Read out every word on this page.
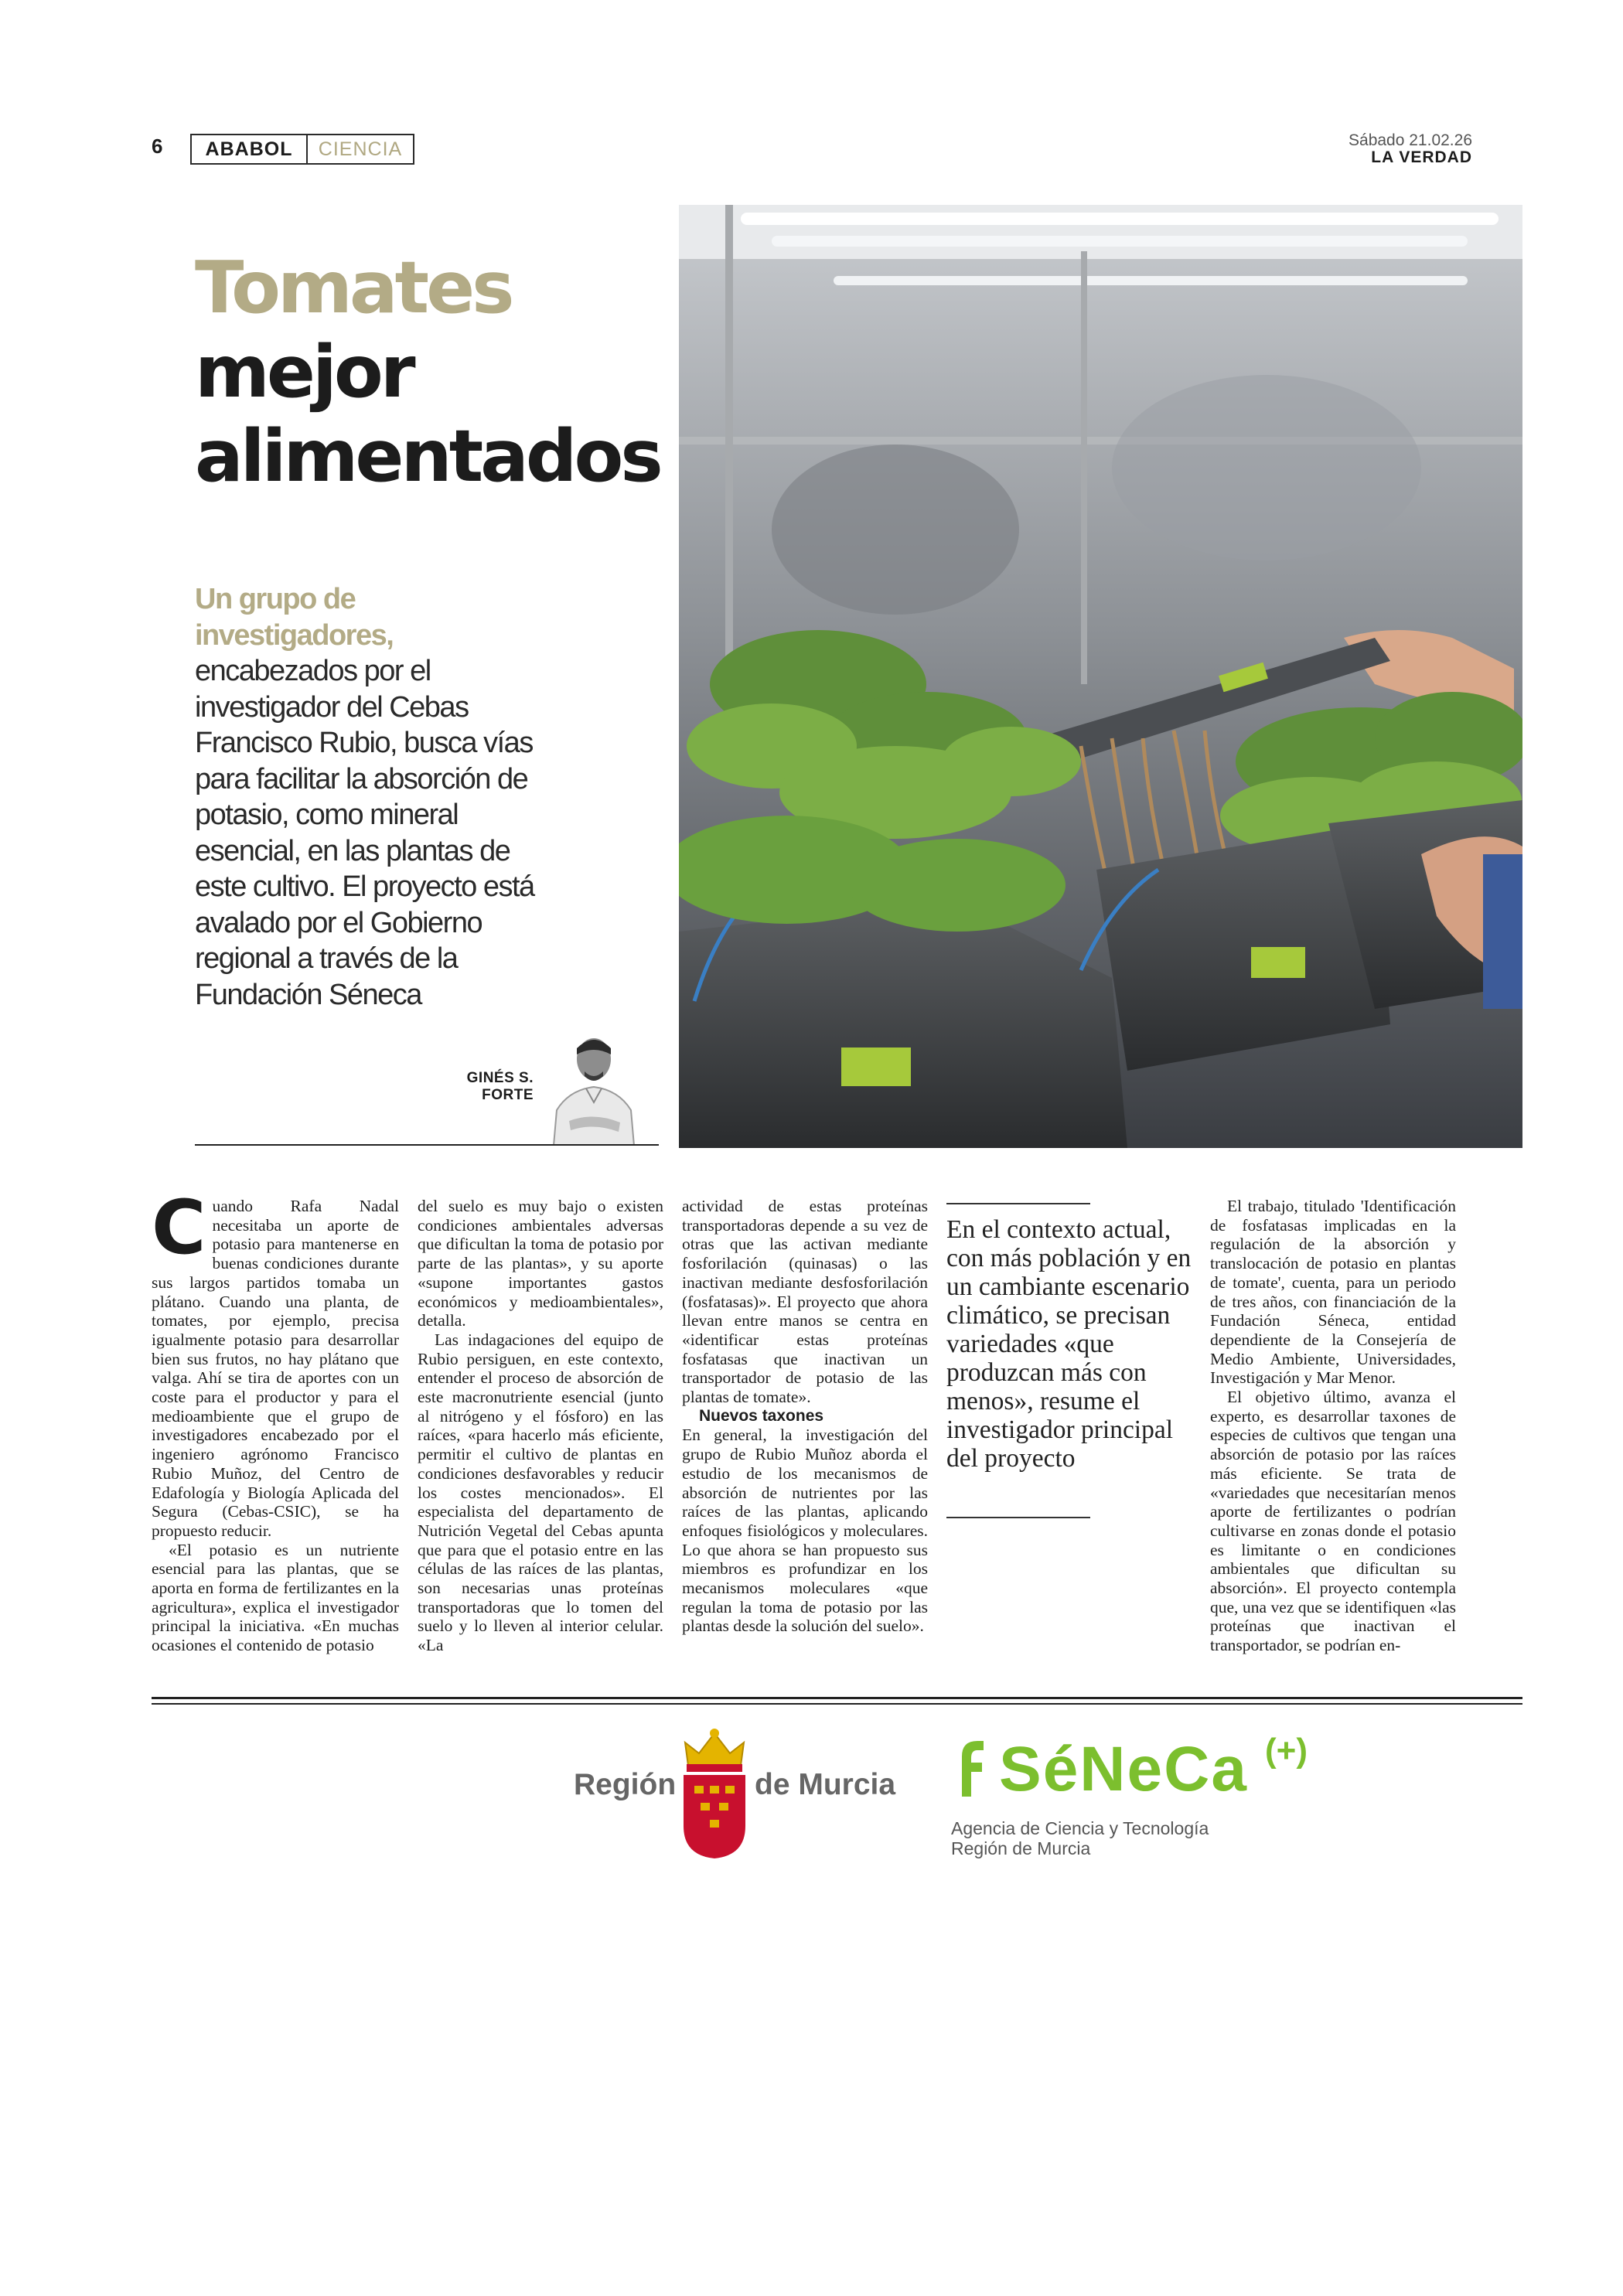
6	ABABOL	CIENCIA	Sábado 21.02.26
LA VERDAD
Tomates
mejor
alimentados
Un grupo de investigadores, encabezados por el investigador del Cebas Francisco Rubio, busca vías para facilitar la absorción de potasio, como mineral esencial, en las plantas de este cultivo. El proyecto está avalado por el Gobierno regional a través de la Fundación Séneca
GINÉS S.
FORTE

Cuando Rafa Nadal necesitaba un aporte de potasio para mantenerse en buenas condiciones durante sus largos partidos tomaba un plátano. Cuando una planta, de tomates, por ejemplo, precisa igualmente potasio para desarrollar bien sus frutos, no hay plátano que valga. Ahí se tira de aportes con un coste para el productor y para el medioambiente que el grupo de investigadores encabezado por el ingeniero agrónomo Francisco Rubio Muñoz, del Centro de Edafología y Biología Aplicada del Segura (Cebas-CSIC), se ha propuesto reducir.

«El potasio es un nutriente esencial para las plantas, que se aporta en forma de fertilizantes en la agricultura», explica el investigador principal la iniciativa. «En muchas ocasiones el contenido de potasio

del suelo es muy bajo o existen condiciones ambientales adversas que dificultan la toma de potasio por parte de las plantas», y su aporte «supone importantes gastos económicos y medioambientales», detalla.

Las indagaciones del equipo de Rubio persiguen, en este contexto, entender el proceso de absorción de este macronutriente esencial (junto al nitrógeno y el fósforo) en las raíces, «para hacerlo más eficiente, permitir el cultivo de plantas en condiciones desfavorables y reducir los costes mencionados». El especialista del departamento de Nutrición Vegetal del Cebas apunta que para que el potasio entre en las células de las raíces de las plantas, son necesarias unas proteínas transportadoras que lo tomen del suelo y lo lleven al interior celular. «La

actividad de estas proteínas transportadoras depende a su vez de otras que las activan mediante fosforilación (quinasas) o las inactivan mediante desfosforilación (fosfatasas)». El proyecto que ahora llevan entre manos se centra en «identificar estas proteínas fosfatasas que inactivan un transportador de potasio de las plantas de tomate».

Nuevos taxones

En general, la investigación del grupo de Rubio Muñoz aborda el estudio de los mecanismos de absorción de nutrientes por las raíces de las plantas, aplicando enfoques fisiológicos y moleculares. Lo que ahora se han propuesto sus miembros es profundizar en los mecanismos moleculares «que regulan la toma de potasio por las plantas desde la solución del suelo».

En el contexto actual, con más población y en un cambiante escenario climático, se precisan variedades «que produzcan más con menos», resume el investigador principal del proyecto

El trabajo, titulado 'Identificación de fosfatasas implicadas en la regulación de la absorción y translocación de potasio en plantas de tomate', cuenta, para un periodo de tres años, con financiación de la Fundación Séneca, entidad dependiente de la Consejería de Medio Ambiente, Universidades, Investigación y Mar Menor.

El objetivo último, avanza el experto, es desarrollar taxones de especies de cultivos que tengan una absorción de potasio por las raíces más eficiente. Se trata de «variedades que necesitarían menos aporte de fertilizantes o podrían cultivarse en zonas donde el potasio es limitante o en condiciones ambientales que dificultan su absorción». El proyecto contempla que, una vez que se identifiquen «las proteínas que inactivan el transportador, se podrían en-

Región	de Murcia SéNeCa (+)
Agencia de Ciencia y Tecnología
Región de Murcia
